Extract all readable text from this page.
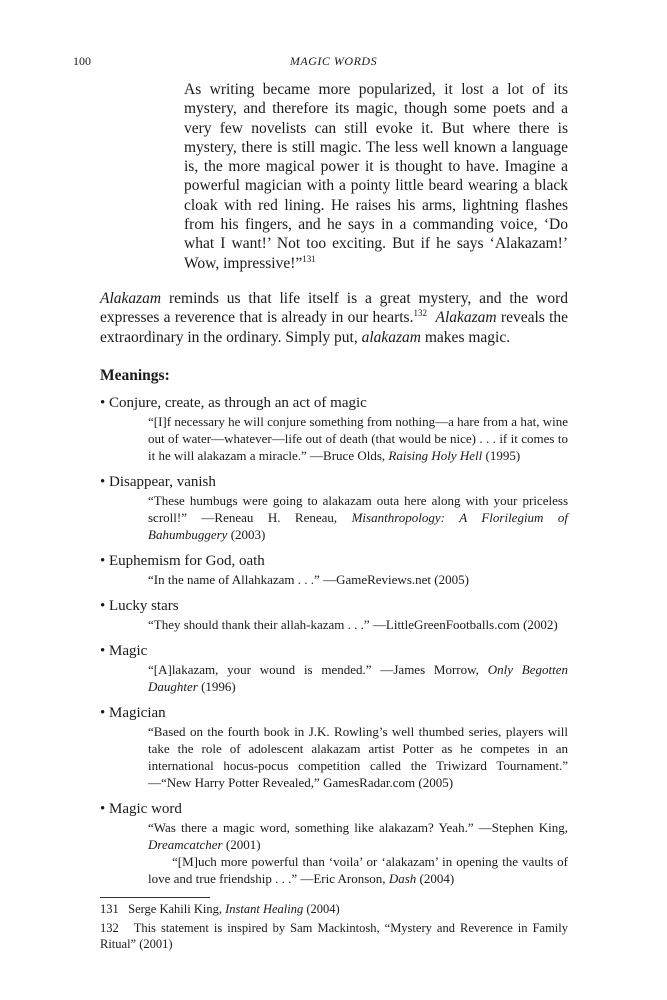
100	MAGIC WORDS

As writing became more popularized, it lost a lot of its mystery, and therefore its magic, though some poets and a very few novelists can still evoke it. But where there is mystery, there is still magic. The less well known a language is, the more magical power it is thought to have. Imagine a powerful magician with a pointy little beard wearing a black cloak with red lining. He raises his arms, lightning flashes from his fingers, and he says in a commanding voice, ‘Do what I want!’ Not too exciting. But if he says ‘Alakazam!’ Wow, impressive!”$^{131}$

Alakazam reminds us that life itself is a great mystery, and the word expresses a reverence that is already in our hearts.$^{132}$ Alakazam reveals the extraordinary in the ordinary. Simply put, alakazam makes magic.

Meanings:
• Conjure, create, as through an act of magic
“[I]f necessary he will conjure something from nothing—a hare from a hat, wine out of water—whatever—life out of death (that would be nice) . . . if it comes to it he will alakazam a miracle.” —Bruce Olds, Raising Holy Hell (1995)
• Disappear, vanish
“These humbugs were going to alakazam outa here along with your priceless scroll!” —Reneau H. Reneau, Misanthropology: A Florilegium of Bahumbuggery (2003)
• Euphemism for God, oath
“In the name of Allahkazam . . .” —GameReviews.net (2005)
• Lucky stars
“They should thank their allah-kazam . . .” —LittleGreenFootballs.com (2002)
• Magic
“[A]lakazam, your wound is mended.” —James Morrow, Only Begotten Daughter (1996)
• Magician
“Based on the fourth book in J.K. Rowling’s well thumbed series, players will take the role of adolescent alakazam artist Potter as he competes in an international hocus-pocus competition called the Triwizard Tournament.” —“New Harry Potter Revealed,” GamesRadar.com (2005)
• Magic word
“Was there a magic word, something like alakazam? Yeah.” —Stephen King, Dreamcatcher (2001)
“[M]uch more powerful than ‘voila’ or ‘alakazam’ in opening the vaults of love and true friendship . . .” —Eric Aronson, Dash (2004)
131 Serge Kahili King, Instant Healing (2004)
132 This statement is inspired by Sam Mackintosh, “Mystery and Reverence in Family Ritual” (2001)
